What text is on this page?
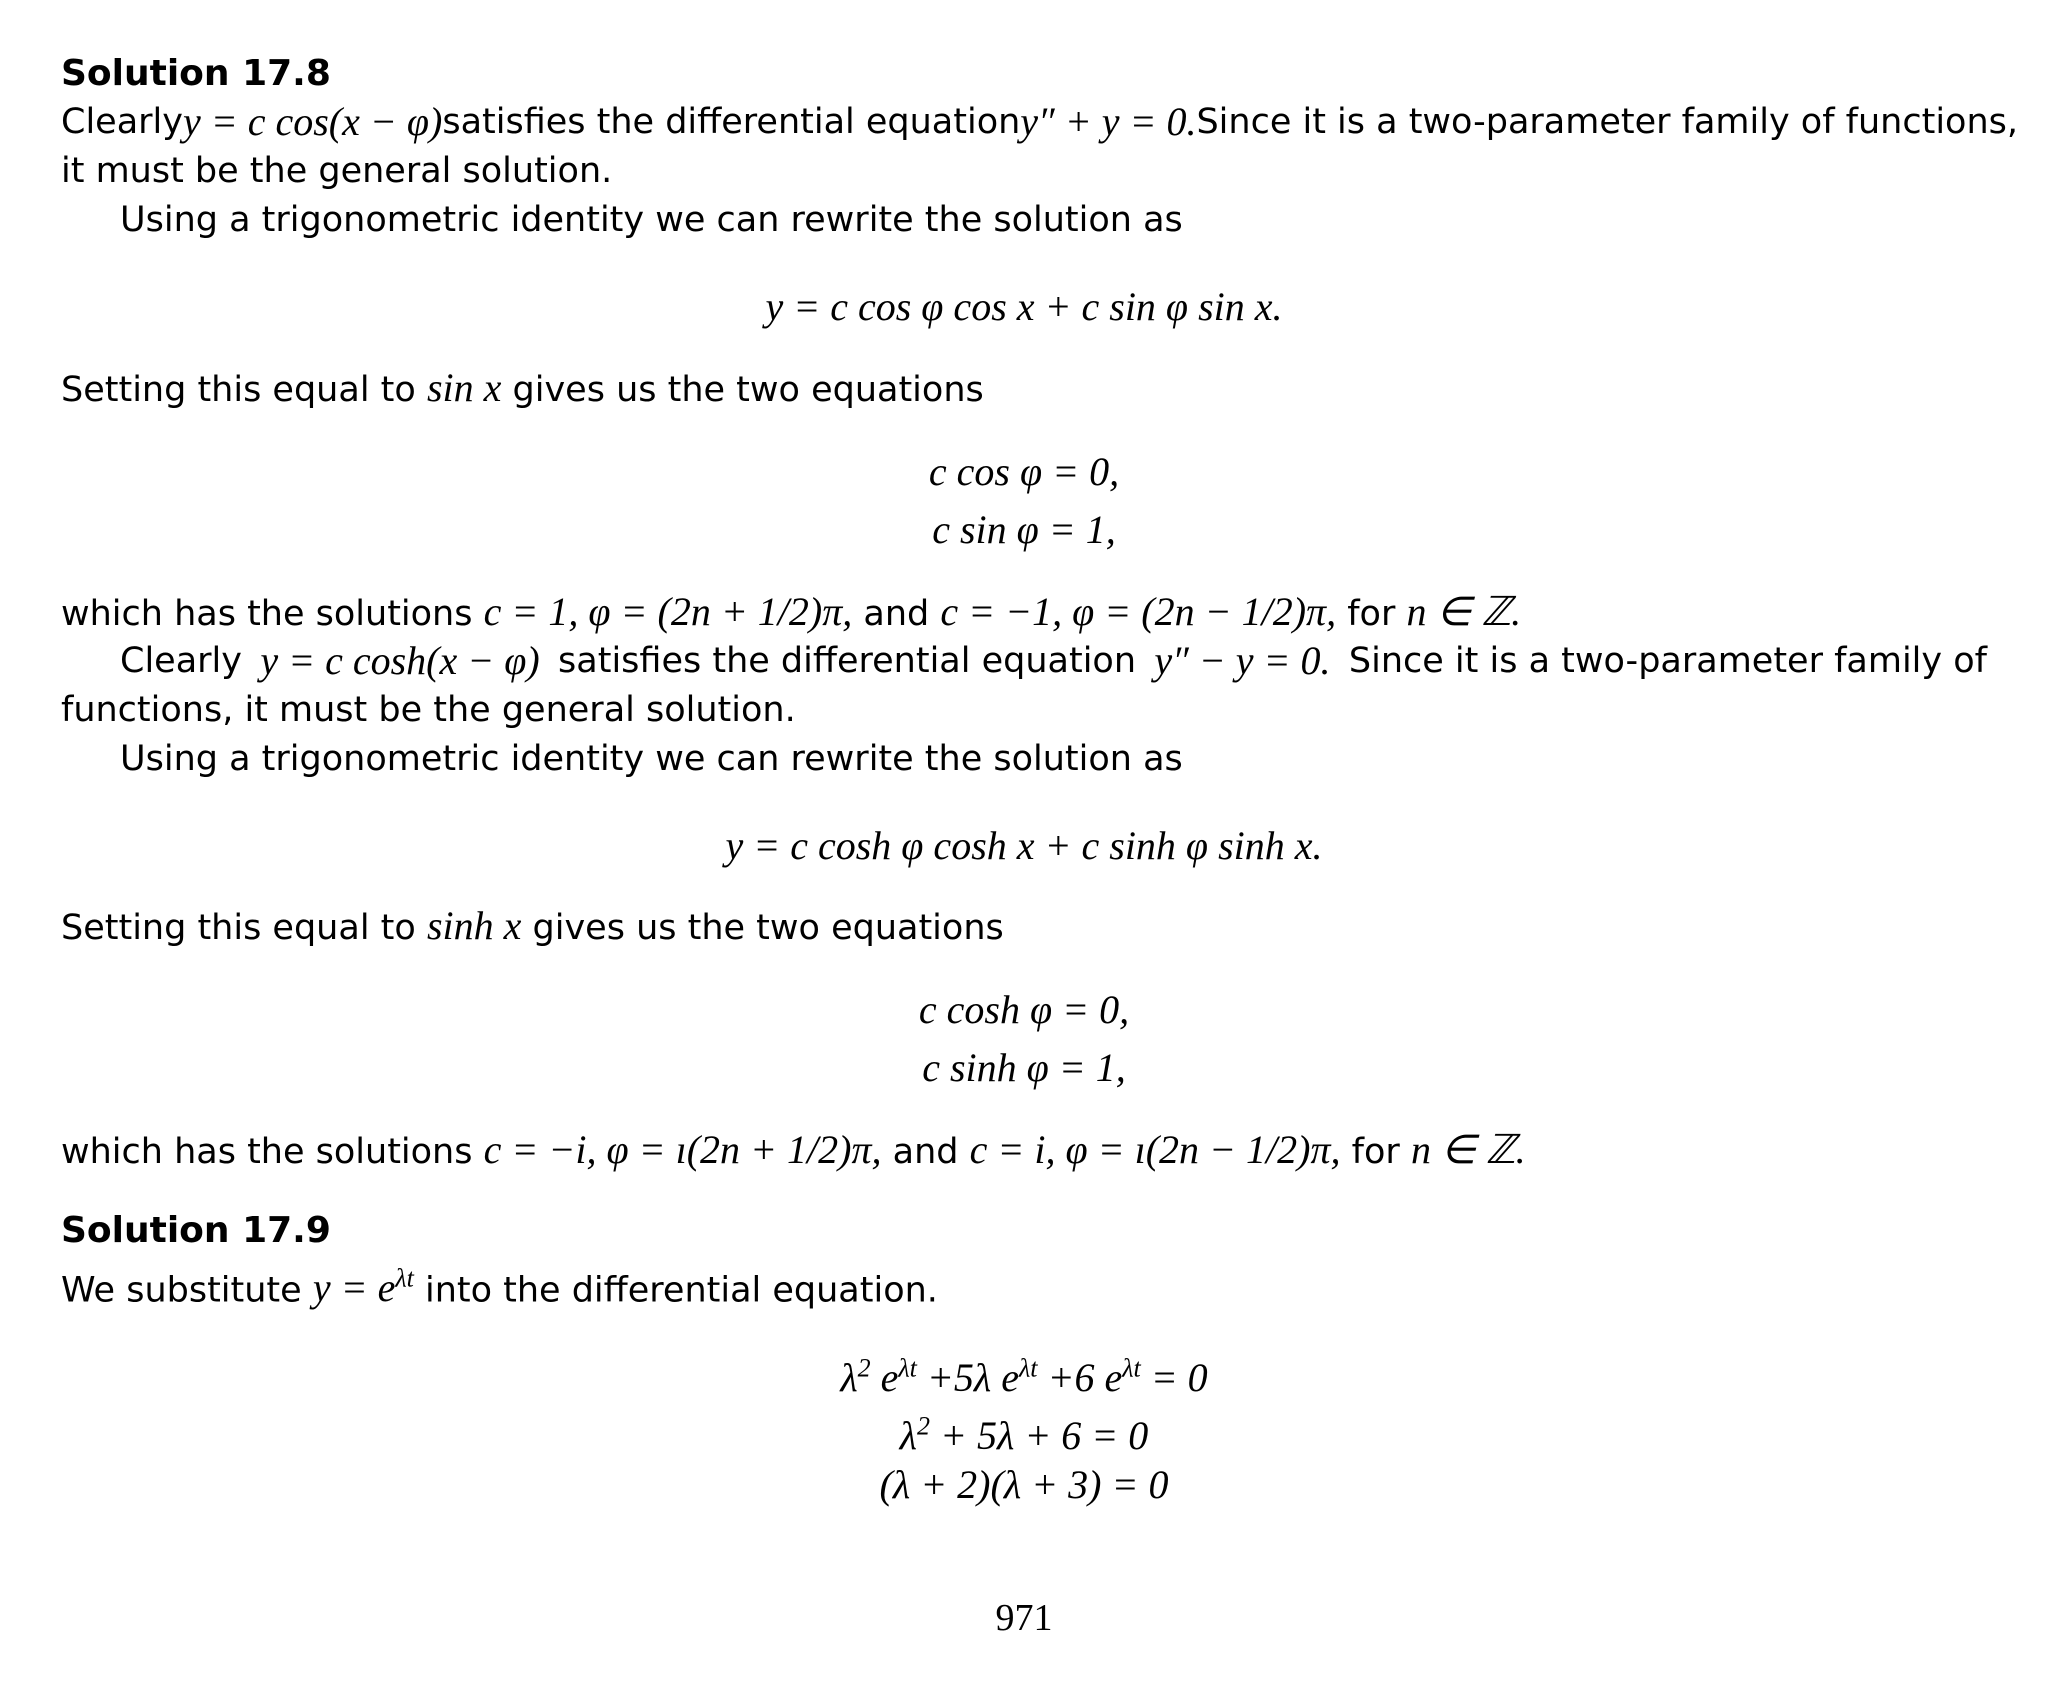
Solution 17.8
Clearly y = c cos(x − φ) satisfies the differential equation y″ + y = 0. Since it is a two-parameter family of functions,
it must be the general solution.
Using a trigonometric identity we can rewrite the solution as
y = c cos φ cos x + c sin φ sin x.
Setting this equal to sin x gives us the two equations
c cos φ = 0,
c sin φ = 1,
which has the solutions c = 1, φ = (2n + 1/2)π, and c = −1, φ = (2n − 1/2)π, for n ∈ ℤ.
Clearly y = c cosh(x − φ) satisfies the differential equation y″ − y = 0. Since it is a two-parameter family of
functions, it must be the general solution.
Using a trigonometric identity we can rewrite the solution as
y = c cosh φ cosh x + c sinh φ sinh x.
Setting this equal to sinh x gives us the two equations
c cosh φ = 0,
c sinh φ = 1,
which has the solutions c = −i, φ = ı(2n + 1/2)π, and c = i, φ = ı(2n − 1/2)π, for n ∈ ℤ.
Solution 17.9
We substitute $y = e^{\lambda t}$ into the differential equation.
$\lambda^2$ $e^{\lambda t} +5\lambda$ $e^{\lambda t} +6$ $e^{\lambda t} = 0$
$\lambda^2 + 5\lambda + 6 = 0$
(λ + 2)(λ + 3) = 0
971
